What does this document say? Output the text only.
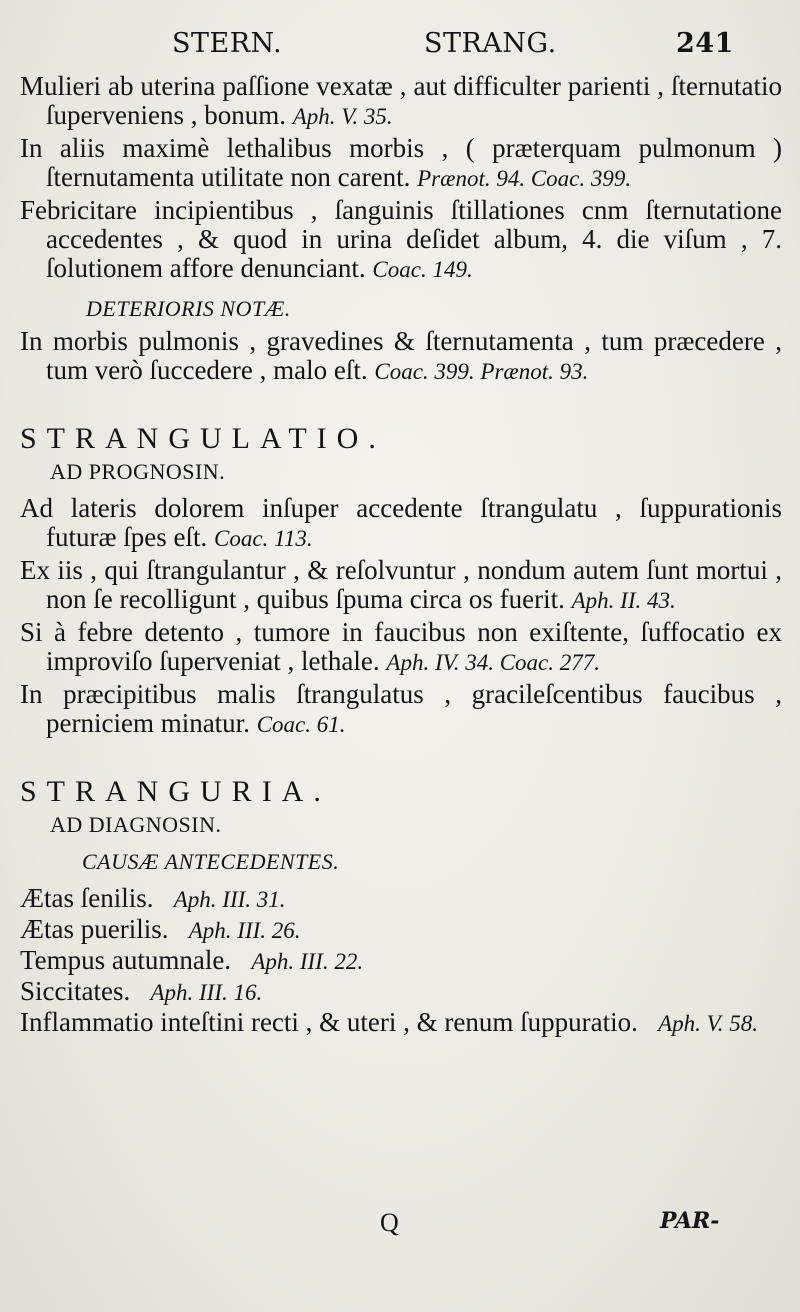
STERN.	STRANG.	241

Mulieri ab uterina paſſione vexatæ , aut difficulter parienti , ſternutatio ſuperveniens , bonum. Aph. V. 35.

In aliis maximè lethalibus morbis , ( præterquam pulmonum ) ſternutamenta utilitate non carent. Prænot. 94. Coac. 399.

Febricitare incipientibus , ſanguinis ſtillationes cnm ſternutatione accedentes , & quod in urina deſidet album, 4. die viſum , 7. ſolutionem affore denunciant. Coac. 149.

DETERIORIS NOTÆ.

In morbis pulmonis , gravedines & ſternutamenta , tum præcedere , tum verò ſuccedere , malo eſt. Coac. 399. Prænot. 93.

STRANGULATIO.
AD PROGNOSIN.

Ad lateris dolorem inſuper accedente ſtrangulatu , ſuppurationis futuræ ſpes eſt. Coac. 113.

Ex iis , qui ſtrangulantur , & reſolvuntur , nondum autem ſunt mortui , non ſe recolligunt , quibus ſpuma circa os fuerit. Aph. II. 43.

Si à febre detento , tumore in faucibus non exiſtente, ſuffocatio ex improviſo ſuperveniat , lethale. Aph. IV. 34. Coac. 277.

In præcipitibus malis ſtrangulatus , gracileſcentibus faucibus , perniciem minatur. Coac. 61.

STRANGURIA.
AD DIAGNOSIN.
CAUSÆ ANTECEDENTES.

Ætas ſenilis. Aph. III. 31.

Ætas puerilis. Aph. III. 26.

Tempus autumnale. Aph. III. 22.

Siccitates. Aph. III. 16.

Inflammatio inteſtini recti , & uteri , & renum ſuppuratio. Aph. V. 58.

Q	PAR-
